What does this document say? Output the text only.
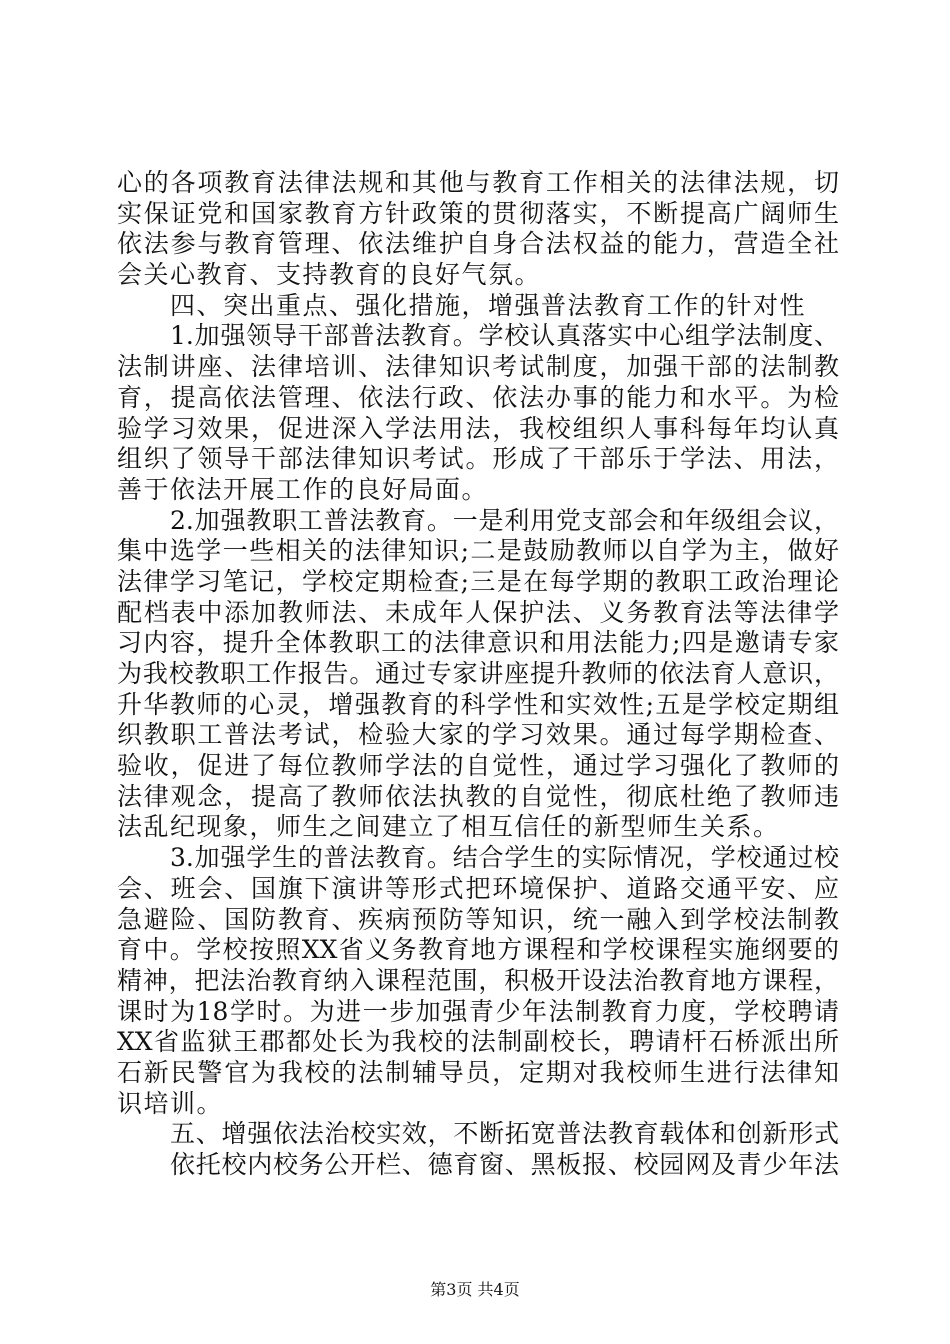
心的各项教育法律法规和其他与教育工作相关的法律法规，切
实保证党和国家教育方针政策的贯彻落实，不断提高广阔师生
依法参与教育管理、依法维护自身合法权益的能力，营造全社
会关心教育、支持教育的良好气氛。
四、突出重点、强化措施，增强普法教育工作的针对性
1.加强领导干部普法教育。学校认真落实中心组学法制度、
法制讲座、法律培训、法律知识考试制度，加强干部的法制教
育，提高依法管理、依法行政、依法办事的能力和水平。为检
验学习效果，促进深入学法用法，我校组织人事科每年均认真
组织了领导干部法律知识考试。形成了干部乐于学法、用法，
善于依法开展工作的良好局面。
2.加强教职工普法教育。一是利用党支部会和年级组会议，
集中选学一些相关的法律知识;二是鼓励教师以自学为主，做好
法律学习笔记，学校定期检查;三是在每学期的教职工政治理论
配档表中添加教师法、未成年人保护法、义务教育法等法律学
习内容，提升全体教职工的法律意识和用法能力;四是邀请专家
为我校教职工作报告。通过专家讲座提升教师的依法育人意识，
升华教师的心灵，增强教育的科学性和实效性;五是学校定期组
织教职工普法考试，检验大家的学习效果。通过每学期检查、
验收，促进了每位教师学法的自觉性，通过学习强化了教师的
法律观念，提高了教师依法执教的自觉性，彻底杜绝了教师违
法乱纪现象，师生之间建立了相互信任的新型师生关系。
3.加强学生的普法教育。结合学生的实际情况，学校通过校
会、班会、国旗下演讲等形式把环境保护、道路交通平安、应
急避险、国防教育、疾病预防等知识，统一融入到学校法制教
育中。学校按照XX省义务教育地方课程和学校课程实施纲要的
精神，把法治教育纳入课程范围，积极开设法治教育地方课程，
课时为18学时。为进一步加强青少年法制教育力度，学校聘请
XX省监狱王郡都处长为我校的法制副校长，聘请杆石桥派出所
石新民警官为我校的法制辅导员，定期对我校师生进行法律知
识培训。
五、增强依法治校实效，不断拓宽普法教育载体和创新形式
依托校内校务公开栏、德育窗、黑板报、校园网及青少年法
第3页 共4页
